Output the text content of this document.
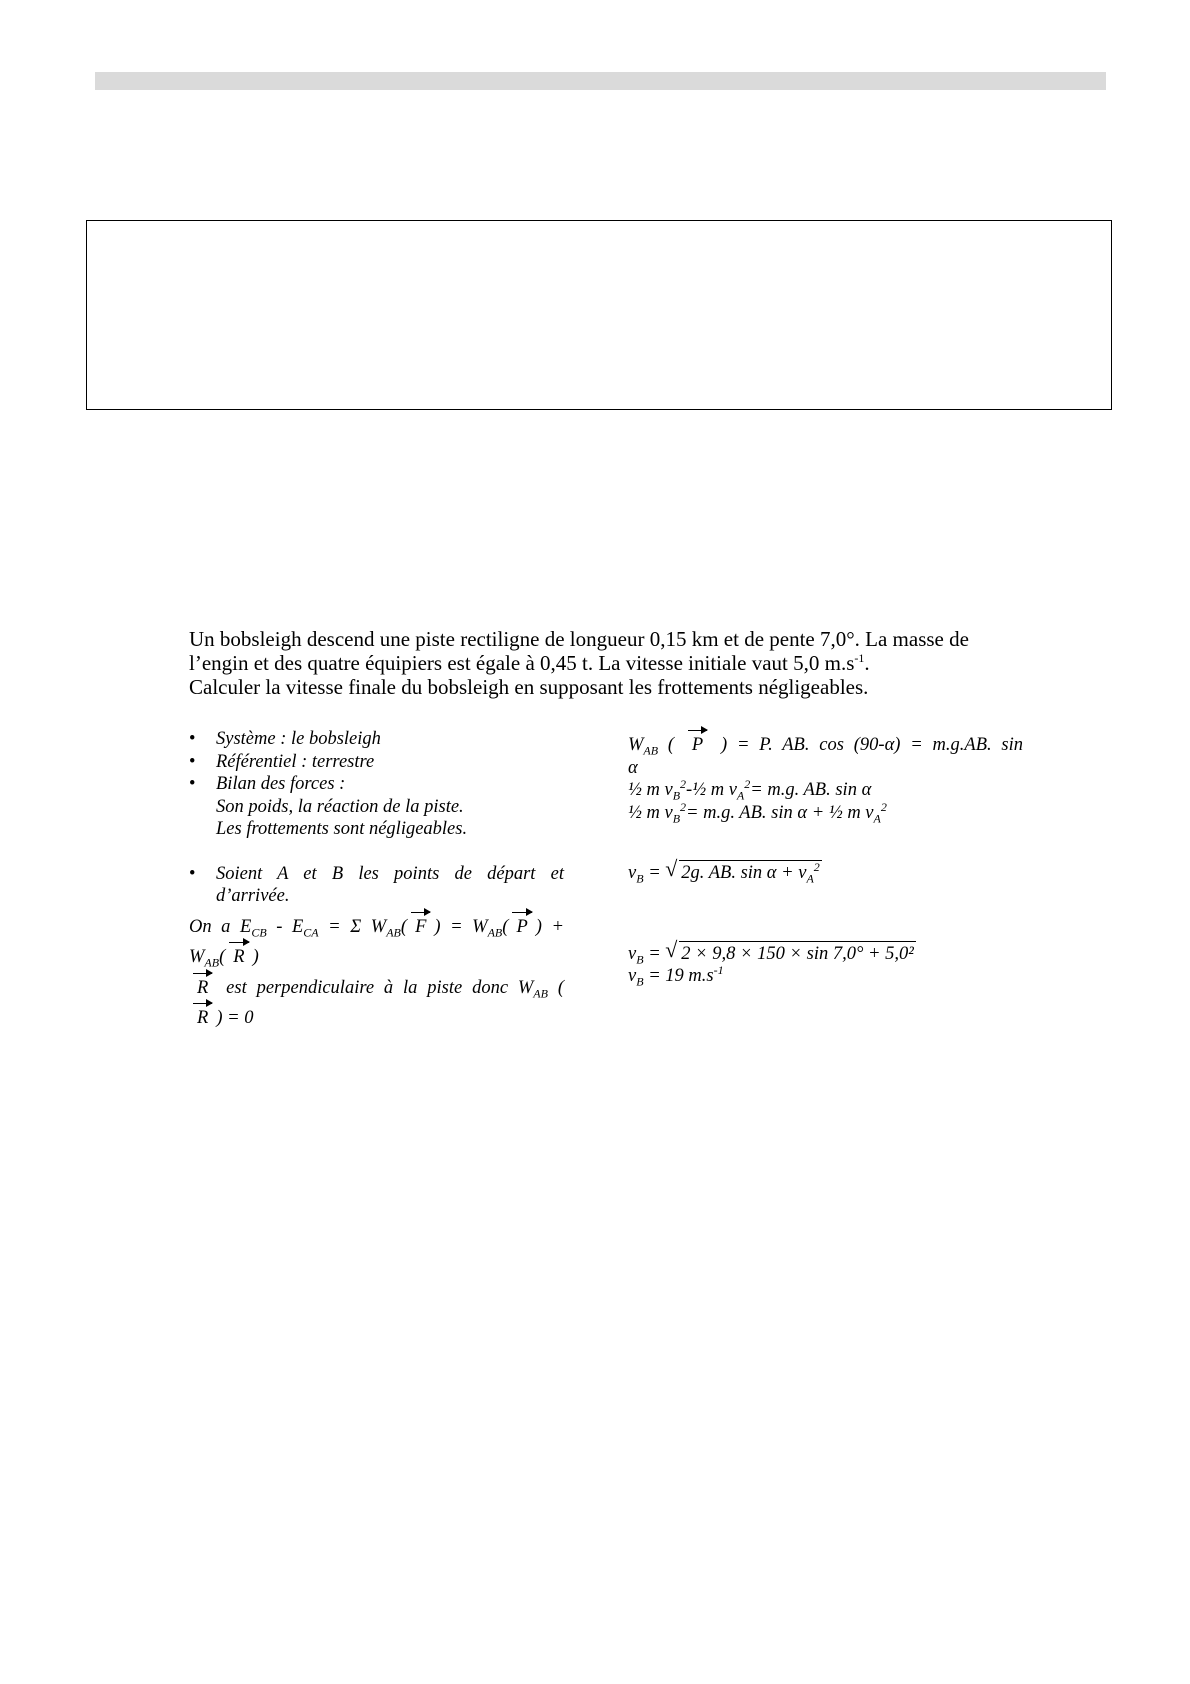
Un bobsleigh descend une piste rectiligne de longueur 0,15 km et de pente 7,0°. La masse de

l’engin et des quatre équipiers est égale à 0,45 t. La vitesse initiale vaut 5,0 $m.s^{-1}$.

Calculer la vitesse finale du bobsleigh en supposant les frottements négligeables.

• Système : le bobsleigh
• Référentiel : terrestre
• Bilan des forces :
Son poids, la réaction de la piste.
Les frottements sont négligeables.
• Soient A et B les points de départ et
d’arrivée.
On a $E_{CB} - E_{CA} = \Sigma$ $W_{AB}$( F ) = $W_{AB}$( P ) +
$W_{AB}$( R )
R est perpendiculaire à la piste donc $W_{AB}$ (
R ) = 0
$W_{AB}$ ( P ) = P. AB. cos (90-α) = m.g.AB. sin
α
½ m $v_B^2-\frac{1}{2}$ m $v_A^2= m.g$. AB. sin α
½ m $v_B^2= m.g$. AB. sin α + ½ m $v_A^2$
$v_B$ = √ 2g. AB. $\sin \alpha + v_A^2$
$v_B$ = √ 2 × 9,8 × 150 × sin 7,0° + 5,0²
$v_B = 19$ $m.s^{-1}$
